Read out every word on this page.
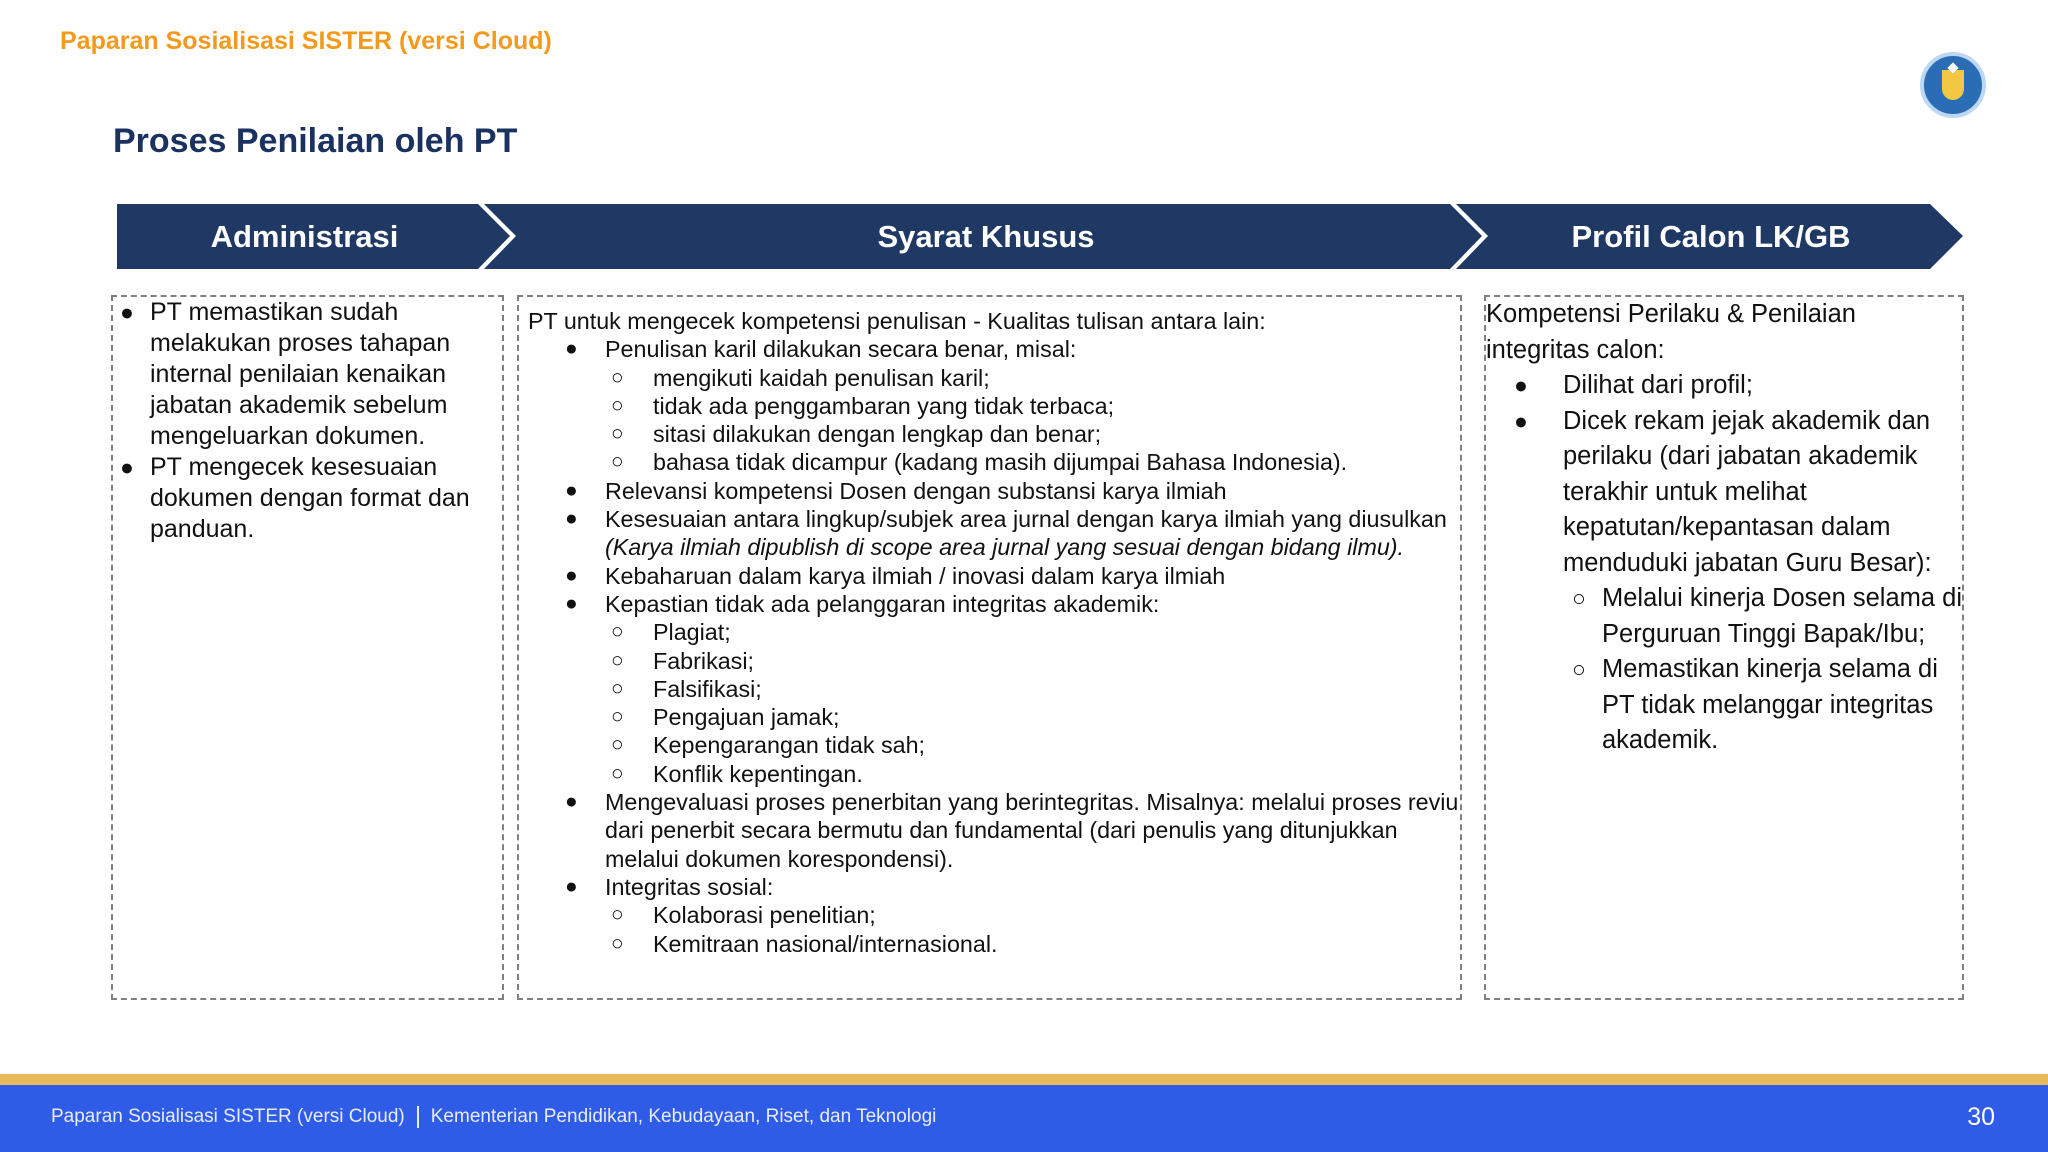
Paparan Sosialisasi SISTER (versi Cloud)
Proses Penilaian oleh PT
Administrasi	Syarat Khusus	Profil Calon LK/GB
● PT memastikan sudah melakukan proses tahapan internal penilaian kenaikan jabatan akademik sebelum mengeluarkan dokumen.
● PT mengecek kesesuaian dokumen dengan format dan panduan.
PT untuk mengecek kompetensi penulisan - Kualitas tulisan antara lain:
● Penulisan karil dilakukan secara benar, misal:
○ mengikuti kaidah penulisan karil;
○ tidak ada penggambaran yang tidak terbaca;
○ sitasi dilakukan dengan lengkap dan benar;
○ bahasa tidak dicampur (kadang masih dijumpai Bahasa Indonesia).
● Relevansi kompetensi Dosen dengan substansi karya ilmiah
● Kesesuaian antara lingkup/subjek area jurnal dengan karya ilmiah yang diusulkan (Karya ilmiah dipublish di scope area jurnal yang sesuai dengan bidang ilmu).
● Kebaharuan dalam karya ilmiah / inovasi dalam karya ilmiah
● Kepastian tidak ada pelanggaran integritas akademik:
○ Plagiat;
○ Fabrikasi;
○ Falsifikasi;
○ Pengajuan jamak;
○ Kepengarangan tidak sah;
○ Konflik kepentingan.
● Mengevaluasi proses penerbitan yang berintegritas. Misalnya: melalui proses reviu dari penerbit secara bermutu dan fundamental (dari penulis yang ditunjukkan melalui dokumen korespondensi).
● Integritas sosial:
○ Kolaborasi penelitian;
○ Kemitraan nasional/internasional.
Kompetensi Perilaku & Penilaian integritas calon:
● Dilihat dari profil;
● Dicek rekam jejak akademik dan perilaku (dari jabatan akademik terakhir untuk melihat kepatutan/kepantasan dalam menduduki jabatan Guru Besar):
○ Melalui kinerja Dosen selama di Perguruan Tinggi Bapak/Ibu;
○ Memastikan kinerja selama di PT tidak melanggar integritas akademik.
Paparan Sosialisasi SISTER (versi Cloud) Kementerian Pendidikan, Kebudayaan, Riset, dan Teknologi	30
